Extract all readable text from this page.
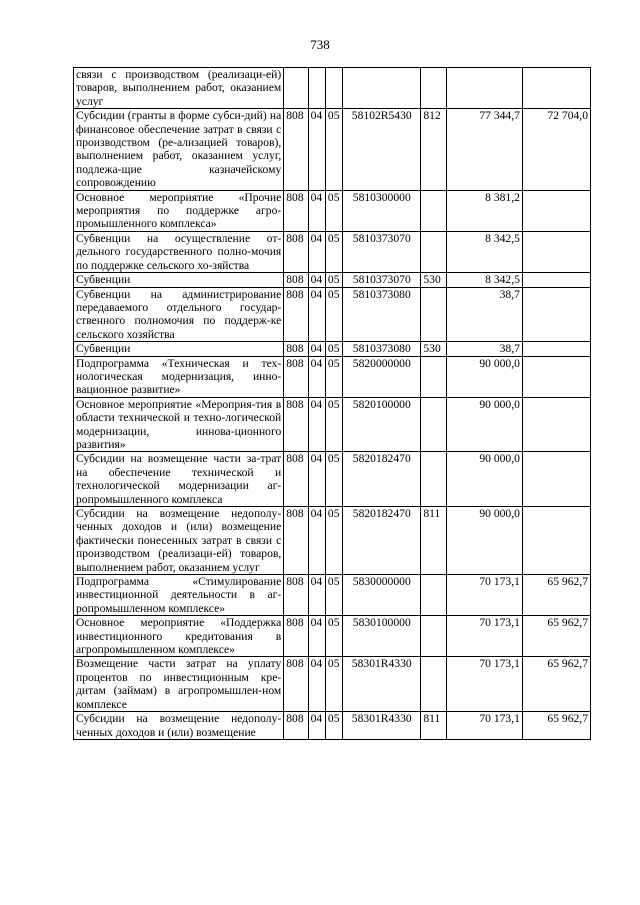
738
связи с производством (реализаци-ей) товаров, выполнением работ, оказанием услуг							
Субсидии (гранты в форме субси-дий) на финансовое обеспечение затрат в связи с производством (ре-ализацией товаров), выполнением работ, оказанием услуг, подлежа-щие казначейскому сопровождению	808	04	05	58102R5430	812	77 344,7	72 704,0
Основное мероприятие «Прочие мероприятия по поддержке агро-промышленного комплекса»	808	04	05	5810300000		8 381,2	
Субвенции на осуществление от-дельного государственного полно-мочия по поддержке сельского хо-зяйства	808	04	05	5810373070		8 342,5	
Субвенции	808	04	05	5810373070	530	8 342,5	
Субвенции на администрирование передаваемого отдельного государ-ственного полномочия по поддерж-ке сельского хозяйства	808	04	05	5810373080		38,7	
Субвенции	808	04	05	5810373080	530	38,7	
Подпрограмма «Техническая и тех-нологическая модернизация, инно-вационное развитие»	808	04	05	5820000000		90 000,0	
Основное мероприятие «Мероприя-тия в области технической и техно-логической модернизации, иннова-ционного развития»	808	04	05	5820100000		90 000,0	
Субсидии на возмещение части за-трат на обеспечение технической и технологической модернизации аг-ропромышленного комплекса	808	04	05	5820182470		90 000,0	
Субсидии на возмещение недополу-ченных доходов и (или) возмещение фактически понесенных затрат в связи с производством (реализаци-ей) товаров, выполнением работ, оказанием услуг	808	04	05	5820182470	811	90 000,0	
Подпрограмма «Стимулирование инвестиционной деятельности в аг-ропромышленном комплексе»	808	04	05	5830000000		70 173,1	65 962,7
Основное мероприятие «Поддержка инвестиционного кредитования в агропромышленном комплексе»	808	04	05	5830100000		70 173,1	65 962,7
Возмещение части затрат на уплату процентов по инвестиционным кре-дитам (займам) в агропромышлен-ном комплексе	808	04	05	58301R4330		70 173,1	65 962,7
Субсидии на возмещение недополу-ченных доходов и (или) возмещение	808	04	05	58301R4330	811	70 173,1	65 962,7
